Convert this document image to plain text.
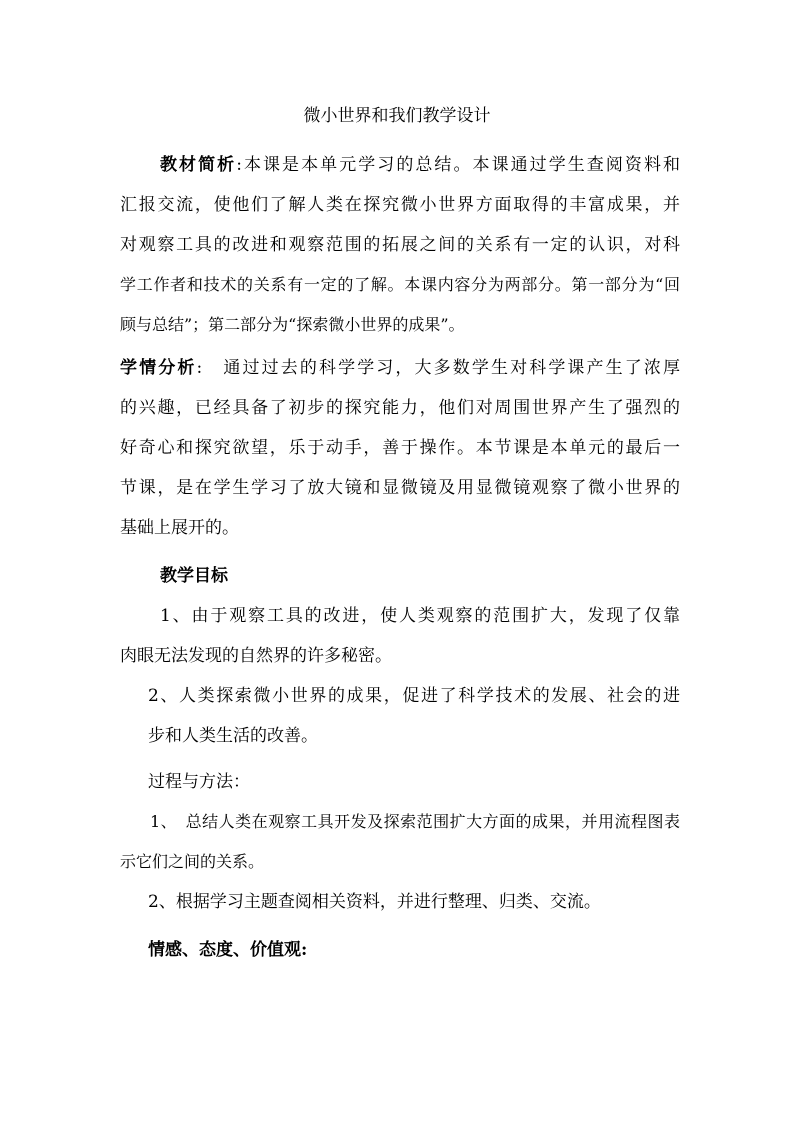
微小世界和我们教学设计
教材简析:本课是本单元学习的总结。本课通过学生查阅资料和
汇报交流，使他们了解人类在探究微小世界方面取得的丰富成果，并
对观察工具的改进和观察范围的拓展之间的关系有一定的认识，对科
学工作者和技术的关系有一定的了解。本课内容分为两部分。第一部分为“回
顾与总结”；第二部分为“探索微小世界的成果”。
学情分析:　通过过去的科学学习，大多数学生对科学课产生了浓厚
的兴趣，已经具备了初步的探究能力，他们对周围世界产生了强烈的
好奇心和探究欲望，乐于动手，善于操作。本节课是本单元的最后一
节课，是在学生学习了放大镜和显微镜及用显微镜观察了微小世界的
基础上展开的。
教学目标
1、由于观察工具的改进，使人类观察的范围扩大，发现了仅靠
肉眼无法发现的自然界的许多秘密。
2、人类探索微小世界的成果，促进了科学技术的发展、社会的进
步和人类生活的改善。
过程与方法：
1、　总结人类在观察工具开发及探索范围扩大方面的成果，并用流程图表
示它们之间的关系。
2、根据学习主题查阅相关资料，并进行整理、归类、交流。
情感、态度、价值观:
